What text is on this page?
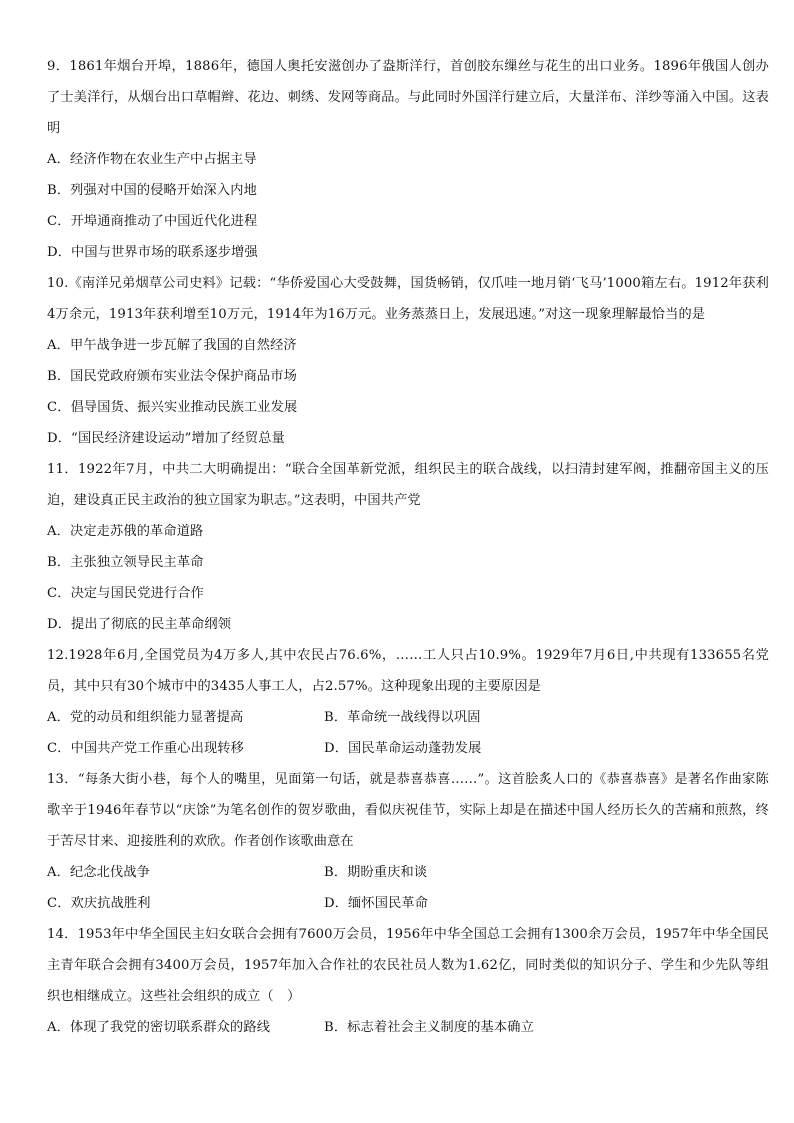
9．1861年烟台开埠，1886年，德国人奥托安滋创办了盎斯洋行，首创胶东缫丝与花生的出口业务。1896年俄国人创办了士美洋行，从烟台出口草帽辫、花边、刺绣、发网等商品。与此同时外国洋行建立后，大量洋布、洋纱等涌入中国。这表明

A．经济作物在农业生产中占据主导

B．列强对中国的侵略开始深入内地

C．开埠通商推动了中国近代化进程

D．中国与世界市场的联系逐步增强

10.《南洋兄弟烟草公司史料》记载：“华侨爱国心大受鼓舞，国货畅销，仅爪哇一地月销‘飞马’1000箱左右。1912年获利4万余元，1913年获利增至10万元，1914年为16万元。业务蒸蒸日上，发展迅速。”对这一现象理解最恰当的是

A．甲午战争进一步瓦解了我国的自然经济

B．国民党政府颁布实业法令保护商品市场

C．倡导国货、振兴实业推动民族工业发展

D．“国民经济建设运动”增加了经贸总量

11．1922年7月，中共二大明确提出：“联合全国革新党派，组织民主的联合战线，以扫清封建军阀，推翻帝国主义的压迫，建设真正民主政治的独立国家为职志。”这表明，中国共产党

A．决定走苏俄的革命道路

B．主张独立领导民主革命

C．决定与国民党进行合作

D．提出了彻底的民主革命纲领

12.1928年6月,全国党员为4万多人,其中农民占76.6%，……工人只占10.9%。1929年7月6日,中共现有133655名党员，其中只有30个城市中的3435人事工人，占2.57%。这种现象出现的主要原因是

A．党的动员和组织能力显著提高	B．革命统一战线得以巩固
C．中国共产党工作重心出现转移	D．国民革命运动蓬勃发展

13．“每条大街小巷，每个人的嘴里，见面第一句话，就是恭喜恭喜……”。这首脍炙人口的《恭喜恭喜》是著名作曲家陈歌辛于1946年春节以“庆馀”为笔名创作的贺岁歌曲，看似庆祝佳节，实际上却是在描述中国人经历长久的苦痛和煎熬，终于苦尽甘来、迎接胜利的欢欣。作者创作该歌曲意在

A．纪念北伐战争	B．期盼重庆和谈
C．欢庆抗战胜利	D．缅怀国民革命

14．1953年中华全国民主妇女联合会拥有7600万会员，1956年中华全国总工会拥有1300余万会员，1957年中华全国民主青年联合会拥有3400万会员，1957年加入合作社的农民社员人数为1.62亿，同时类似的知识分子、学生和少先队等组织也相继成立。这些社会组织的成立（　）

A．体现了我党的密切联系群众的路线	B．标志着社会主义制度的基本确立
